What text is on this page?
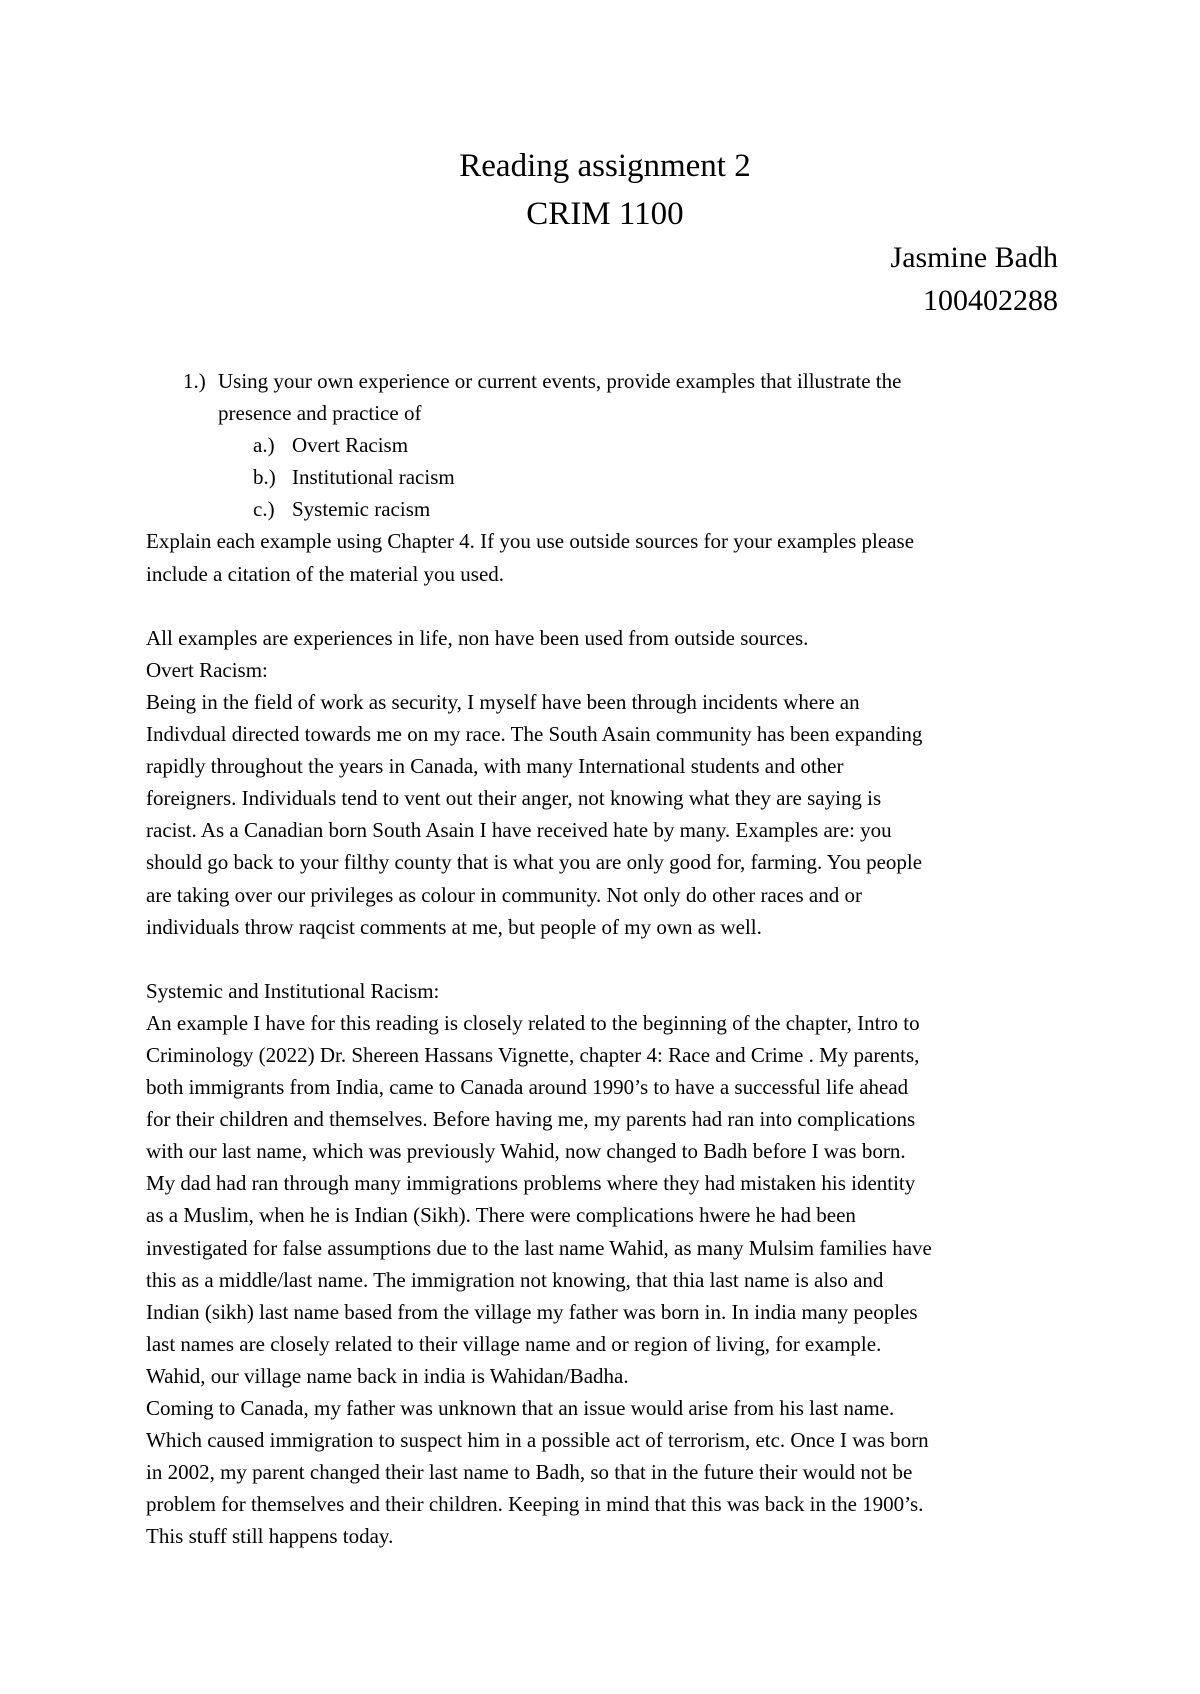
Reading assignment 2
CRIM 1100
Jasmine Badh
100402288
1.) Using your own experience or current events, provide examples that illustrate the
presence and practice of
a.) Overt Racism
b.) Institutional racism
c.) Systemic racism
Explain each example using Chapter 4. If you use outside sources for your examples please
include a citation of the material you used.
All examples are experiences in life, non have been used from outside sources.
Overt Racism:
Being in the field of work as security, I myself have been through incidents where an
Indivdual directed towards me on my race. The South Asain community has been expanding
rapidly throughout the years in Canada, with many International students and other
foreigners. Individuals tend to vent out their anger, not knowing what they are saying is
racist. As a Canadian born South Asain I have received hate by many. Examples are: you
should go back to your filthy county that is what you are only good for, farming. You people
are taking over our privileges as colour in community. Not only do other races and or
individuals throw raqcist comments at me, but people of my own as well.
Systemic and Institutional Racism:
An example I have for this reading is closely related to the beginning of the chapter, Intro to
Criminology (2022) Dr. Shereen Hassans Vignette, chapter 4: Race and Crime . My parents,
both immigrants from India, came to Canada around 1990’s to have a successful life ahead
for their children and themselves. Before having me, my parents had ran into complications
with our last name, which was previously Wahid, now changed to Badh before I was born.
My dad had ran through many immigrations problems where they had mistaken his identity
as a Muslim, when he is Indian (Sikh). There were complications hwere he had been
investigated for false assumptions due to the last name Wahid, as many Mulsim families have
this as a middle/last name. The immigration not knowing, that thia last name is also and
Indian (sikh) last name based from the village my father was born in. In india many peoples
last names are closely related to their village name and or region of living, for example.
Wahid, our village name back in india is Wahidan/Badha.
Coming to Canada, my father was unknown that an issue would arise from his last name.
Which caused immigration to suspect him in a possible act of terrorism, etc. Once I was born
in 2002, my parent changed their last name to Badh, so that in the future their would not be
problem for themselves and their children. Keeping in mind that this was back in the 1900’s.
This stuff still happens today.
